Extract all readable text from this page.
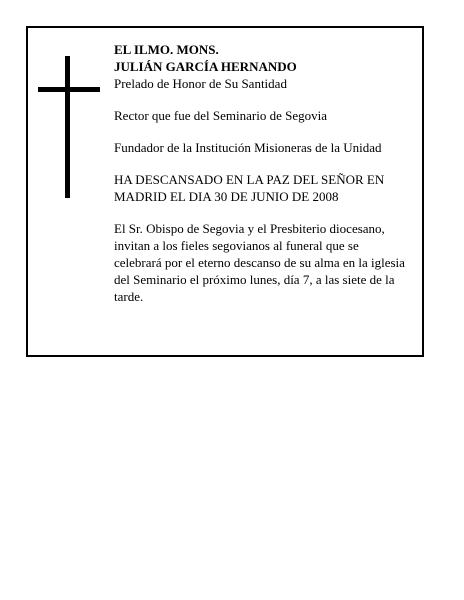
EL ILMO. MONS.
JULIÁN GARCÍA HERNANDO
Prelado de Honor de Su Santidad
Rector que fue del Seminario de Segovia
Fundador de la Institución Misioneras de la Unidad
HA DESCANSADO EN LA PAZ DEL SEÑOR EN
MADRID EL DIA 30 DE JUNIO DE 2008
El Sr. Obispo de Segovia y el Presbiterio diocesano,
invitan a los fieles segovianos al funeral que se
celebrará por el eterno descanso de su alma en la iglesia
del Seminario el próximo lunes, día 7, a las siete de la
tarde.
